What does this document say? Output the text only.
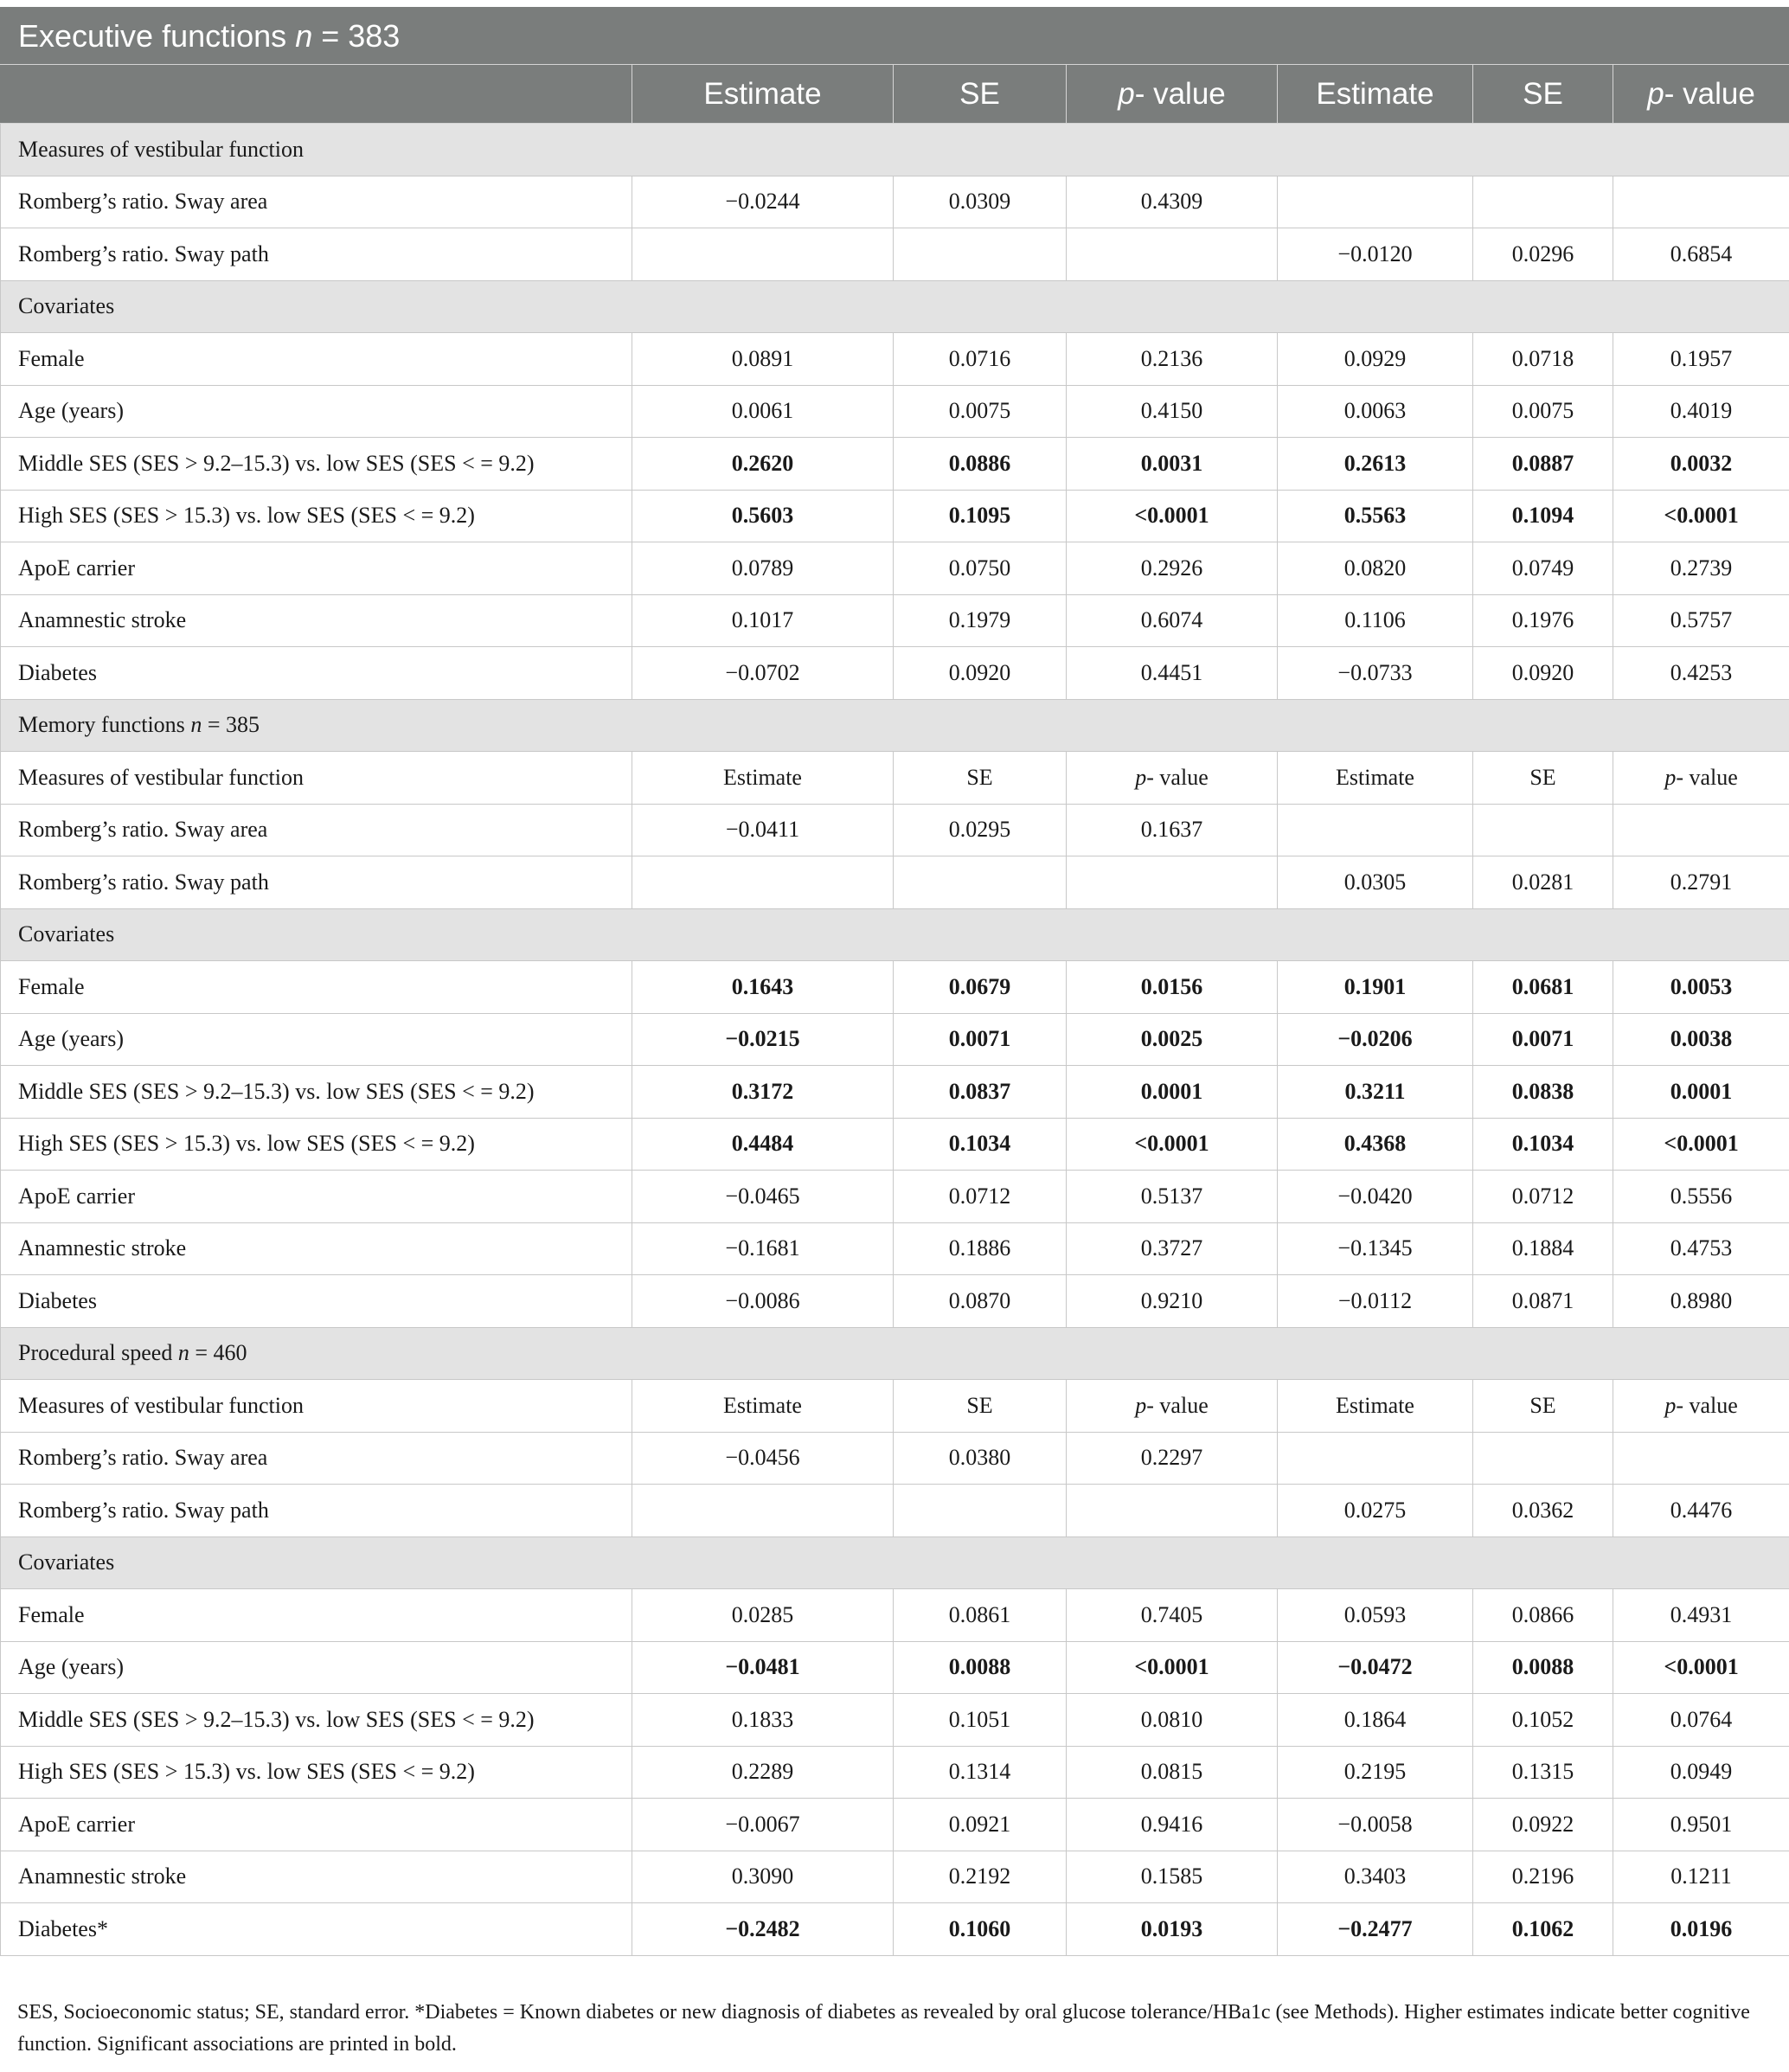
Executive functions n = 383						
	Estimate	SE	p- value	Estimate	SE	p- value
Measures of vestibular function						
Romberg’s ratio. Sway area	−0.0244	0.0309	0.4309			
Romberg’s ratio. Sway path				−0.0120	0.0296	0.6854
Covariates						
Female	0.0891	0.0716	0.2136	0.0929	0.0718	0.1957
Age (years)	0.0061	0.0075	0.4150	0.0063	0.0075	0.4019
Middle SES (SES > 9.2–15.3) vs. low SES (SES < = 9.2)	0.2620	0.0886	0.0031	0.2613	0.0887	0.0032
High SES (SES > 15.3) vs. low SES (SES < = 9.2)	0.5603	0.1095	<0.0001	0.5563	0.1094	<0.0001
ApoE carrier	0.0789	0.0750	0.2926	0.0820	0.0749	0.2739
Anamnestic stroke	0.1017	0.1979	0.6074	0.1106	0.1976	0.5757
Diabetes	−0.0702	0.0920	0.4451	−0.0733	0.0920	0.4253
Memory functions n = 385						
Measures of vestibular function	Estimate	SE	p- value	Estimate	SE	p- value
Romberg’s ratio. Sway area	−0.0411	0.0295	0.1637			
Romberg’s ratio. Sway path				0.0305	0.0281	0.2791
Covariates						
Female	0.1643	0.0679	0.0156	0.1901	0.0681	0.0053
Age (years)	−0.0215	0.0071	0.0025	−0.0206	0.0071	0.0038
Middle SES (SES > 9.2–15.3) vs. low SES (SES < = 9.2)	0.3172	0.0837	0.0001	0.3211	0.0838	0.0001
High SES (SES > 15.3) vs. low SES (SES < = 9.2)	0.4484	0.1034	<0.0001	0.4368	0.1034	<0.0001
ApoE carrier	−0.0465	0.0712	0.5137	−0.0420	0.0712	0.5556
Anamnestic stroke	−0.1681	0.1886	0.3727	−0.1345	0.1884	0.4753
Diabetes	−0.0086	0.0870	0.9210	−0.0112	0.0871	0.8980
Procedural speed n = 460						
Measures of vestibular function	Estimate	SE	p- value	Estimate	SE	p- value
Romberg’s ratio. Sway area	−0.0456	0.0380	0.2297			
Romberg’s ratio. Sway path				0.0275	0.0362	0.4476
Covariates						
Female	0.0285	0.0861	0.7405	0.0593	0.0866	0.4931
Age (years)	−0.0481	0.0088	<0.0001	−0.0472	0.0088	<0.0001
Middle SES (SES > 9.2–15.3) vs. low SES (SES < = 9.2)	0.1833	0.1051	0.0810	0.1864	0.1052	0.0764
High SES (SES > 15.3) vs. low SES (SES < = 9.2)	0.2289	0.1314	0.0815	0.2195	0.1315	0.0949
ApoE carrier	−0.0067	0.0921	0.9416	−0.0058	0.0922	0.9501
Anamnestic stroke	0.3090	0.2192	0.1585	0.3403	0.2196	0.1211
Diabetes*	−0.2482	0.1060	0.0193	−0.2477	0.1062	0.0196
SES, Socioeconomic status; SE, standard error. *Diabetes = Known diabetes or new diagnosis of diabetes as revealed by oral glucose tolerance/HBa1c (see Methods). Higher estimates indicate better cognitive function. Significant associations are printed in bold.
